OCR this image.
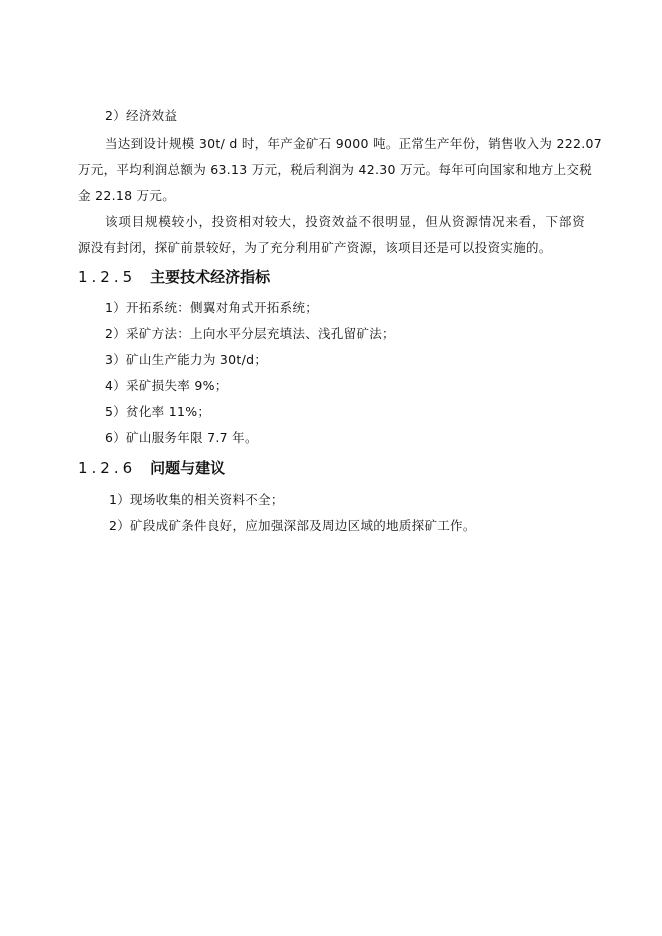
2）经济效益
当达到设计规模 30t/ d 时，年产金矿石 9000 吨。正常生产年份，销售收入为 222.07
万元，平均利润总额为 63.13 万元，税后利润为 42.30 万元。每年可向国家和地方上交税
金 22.18 万元。
该项目规模较小，投资相对较大，投资效益不很明显，但从资源情况来看，下部资
源没有封闭，探矿前景较好，为了充分利用矿产资源，该项目还是可以投资实施的。
1.2.5 主要技术经济指标
1）开拓系统：侧翼对角式开拓系统；
2）采矿方法：上向水平分层充填法、浅孔留矿法；
3）矿山生产能力为 30t/d；
4）采矿损失率 9%；
5）贫化率 11%；
6）矿山服务年限 7.7 年。
1.2.6 问题与建议
1）现场收集的相关资料不全；
2）矿段成矿条件良好，应加强深部及周边区域的地质探矿工作。
